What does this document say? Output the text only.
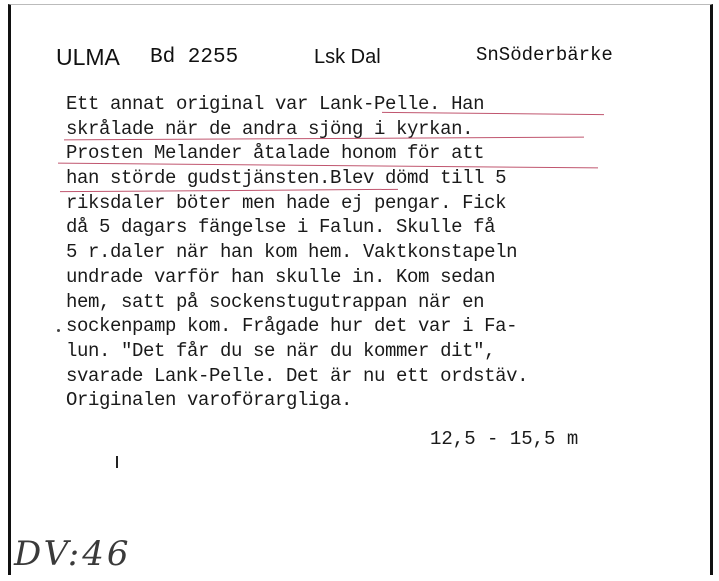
ULMA Bd 2255	Lsk Dal	SnSöderbärke
Ett annat original var Lank-Pelle. Han
skrålade när de andra sjöng i kyrkan.
Prosten Melander åtalade honom för att
han störde gudstjänsten.Blev dömd till 5
riksdaler böter men hade ej pengar. Fick
då 5 dagars fängelse i Falun. Skulle få
5 r.daler när han kom hem. Vaktkonstapeln
undrade varför han skulle in. Kom sedan
hem, satt på sockenstugutrappan när en
sockenpamp kom. Frågade hur det var i Fa-
lun. "Det får du se när du kommer dit",
svarade Lank-Pelle. Det är nu ett ordstäv.
Originalen varoförargliga.
12,5 - 15,5 m
DV:46
